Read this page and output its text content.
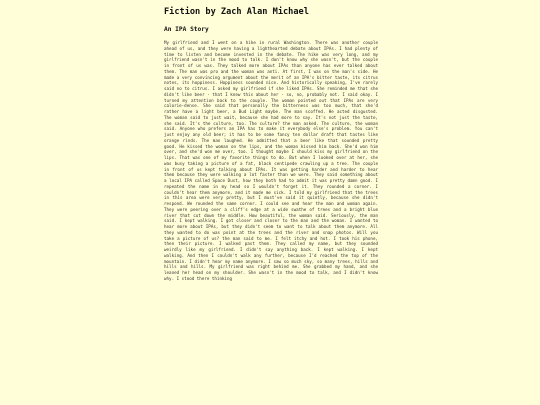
Fiction by Zach Alan Michael
An IPA Story

My girlfriend and I went on a hike in rural Washington. There was another couple ahead of us, and they were having a lighthearted debate about IPAs. I had plenty of time to listen and become invested in the debate. The hike was very long, and my girlfriend wasn't in the mood to talk. I don't know why she wasn't, but the couple in front of us was. They talked more about IPAs than anyone has ever talked about them. The man was pro and the woman was anti. At first, I was on the man's side. He made a very convincing argument about the merit of an IPA's bitter taste, its citrus notes, its hoppiness. Hoppiness sounded nice. And historically speaking, I've rarely said no to citrus. I asked my girlfriend if she liked IPAs. She reminded me that she didn't like beer - that I knew this about her - so, no, probably not. I said okay. I turned my attention back to the couple. The woman pointed out that IPAs are very calorie-dense. She said that personally the bitterness was too much, that she'd rather have a light beer, a Bud Light maybe. The man scoffed. He acted disgusted. The woman said to just wait, because she had more to say. It's not just the taste, she said. It's the culture, too. The culture? the man asked. The culture, the woman said. Anyone who prefers an IPA has to make it everybody else's problem. You can't just enjoy any old beer; it has to be some fancy ten dollar draft that tastes like orange rinds. The man laughed. He admitted that a beer like that sounded pretty good. He kissed the woman on the lips, and the woman kissed him back. She'd won him over, and she'd won me over, too. I thought maybe I should kiss my girlfriend on the lips. That was one of my favorite things to do. But when I looked over at her, she was busy taking a picture of a fat, black centipede crawling up a tree. The couple in front of us kept talking about IPAs. It was getting harder and harder to hear them because they were walking a lot faster than we were. They said something about a local IPA called Space Dust, how they both had to admit it was pretty damn good. I repeated the name in my head so I wouldn't forget it. They rounded a corner. I couldn't hear them anymore, and it made me sick. I told my girlfriend that the trees in this area were very pretty, but I must've said it quietly, because she didn't respond. We rounded the same corner. I could see and hear the man and woman again. They were peering over a cliff's edge at a wide swathe of trees and a bright blue river that cut down the middle. How beautiful, the woman said. Seriously, the man said. I kept walking. I got closer and closer to the man and the woman. I wanted to hear more about IPAs, but they didn't seem to want to talk about them anymore. All they wanted to do was point at the trees and the river and snap photos. Will you take a picture of us? the man said to me. I felt itchy and hot. I took his phone, then their picture. I walked past them. They called my name, but they sounded weirdly like my girlfriend. I didn't say anything back. I kept walking. I kept walking. And then I couldn't walk any further, because I'd reached the top of the mountain. I didn't hear my name anymore. I saw so much sky, so many trees, hills and hills and hills. My girlfriend was right behind me. She grabbed my hand, and she leaned her head on my shoulder. She wasn't in the mood to talk, and I didn't know why. I stood there thinking
